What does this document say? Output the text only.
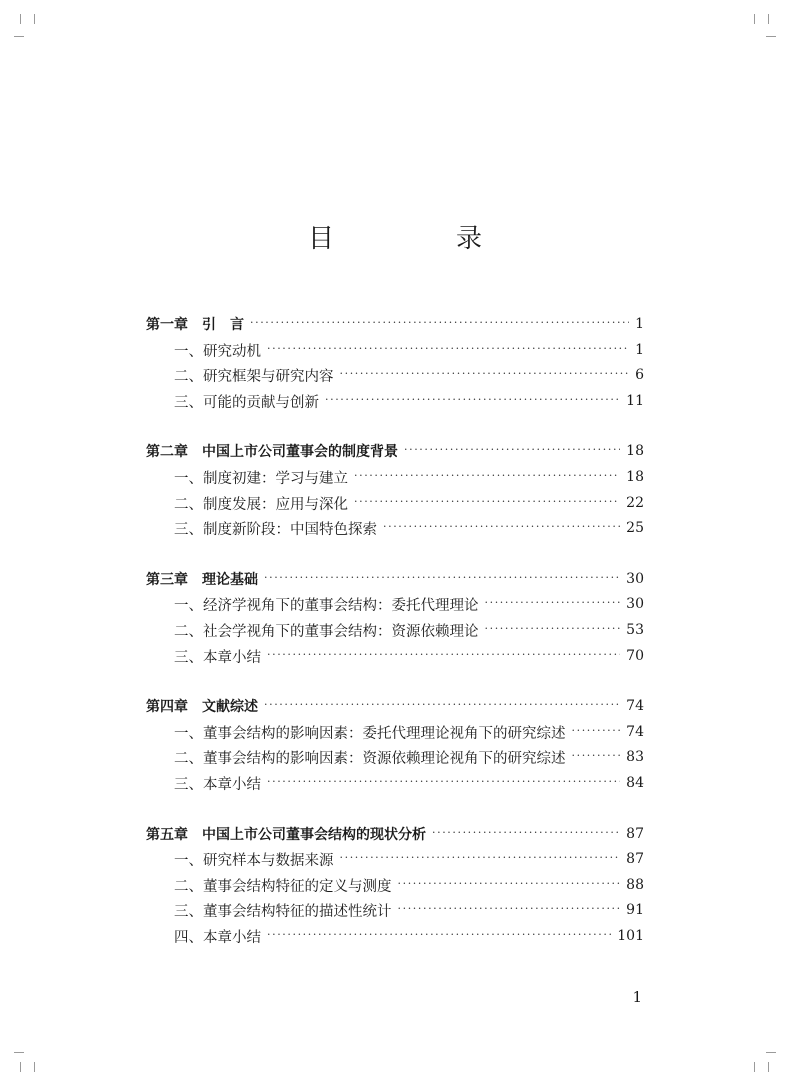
目　录
第一章　引　言 ·····	1
一、研究动机 ·····	1
二、研究框架与研究内容 ·····	6
三、可能的贡献与创新 ·····	11
第二章　中国上市公司董事会的制度背景 ·····	18
一、制度初建：学习与建立 ·····	18
二、制度发展：应用与深化 ·····	22
三、制度新阶段：中国特色探索 ·····	25
第三章　理论基础 ·····	30
一、经济学视角下的董事会结构：委托代理理论 ·····	30
二、社会学视角下的董事会结构：资源依赖理论 ·····	53
三、本章小结 ·····	70
第四章　文献综述 ·····	74
一、董事会结构的影响因素：委托代理理论视角下的研究综述 ·····	74
二、董事会结构的影响因素：资源依赖理论视角下的研究综述 ·····	83
三、本章小结 ·····	84
第五章　中国上市公司董事会结构的现状分析 ·····	87
一、研究样本与数据来源 ·····	87
二、董事会结构特征的定义与测度 ·····	88
三、董事会结构特征的描述性统计 ·····	91
四、本章小结 ·····	101
1
